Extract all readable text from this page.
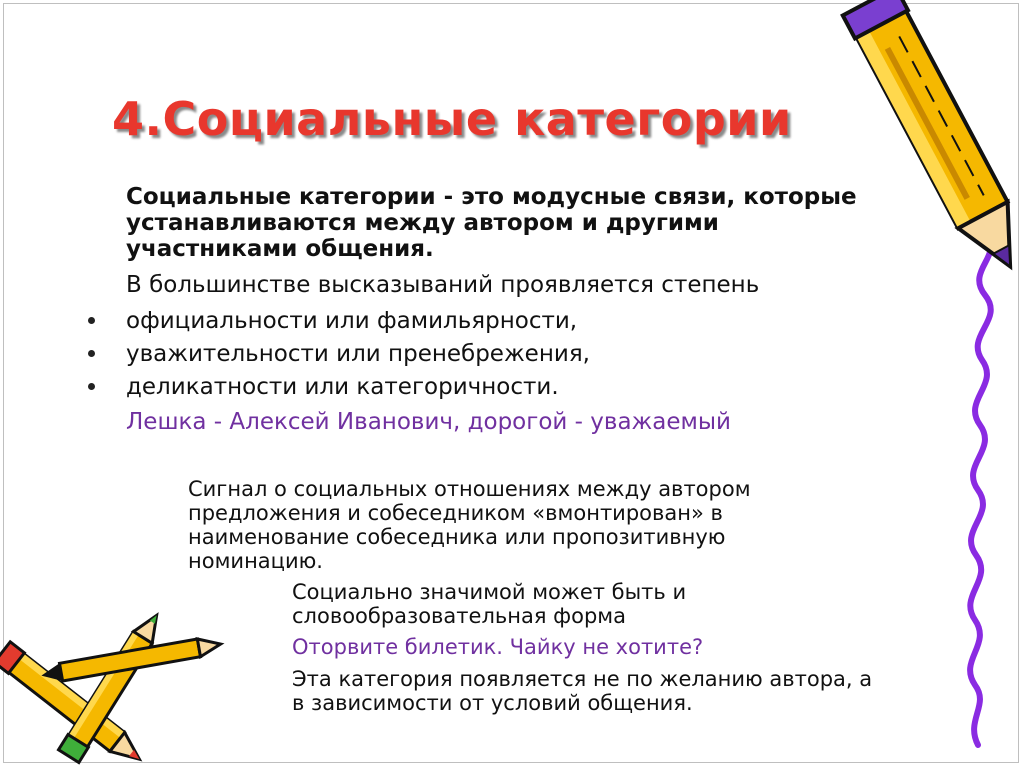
4.Социальные категории
Социальные категории - это модусные связи, которые
устанавливаются между автором и другими
участниками общения.
В большинстве высказываний проявляется степень
официальности или фамильярности,
уважительности или пренебрежения,
деликатности или категоричности.
Лешка - Алексей Иванович, дорогой - уважаемый
Сигнал о социальных отношениях между автором
предложения и собеседником «вмонтирован» в
наименование собеседника или пропозитивную
номинацию.
Социально значимой может быть и
словообразовательная форма
Оторвите билетик. Чайку не хотите?
Эта категория появляется не по желанию автора, а
в зависимости от условий общения.
